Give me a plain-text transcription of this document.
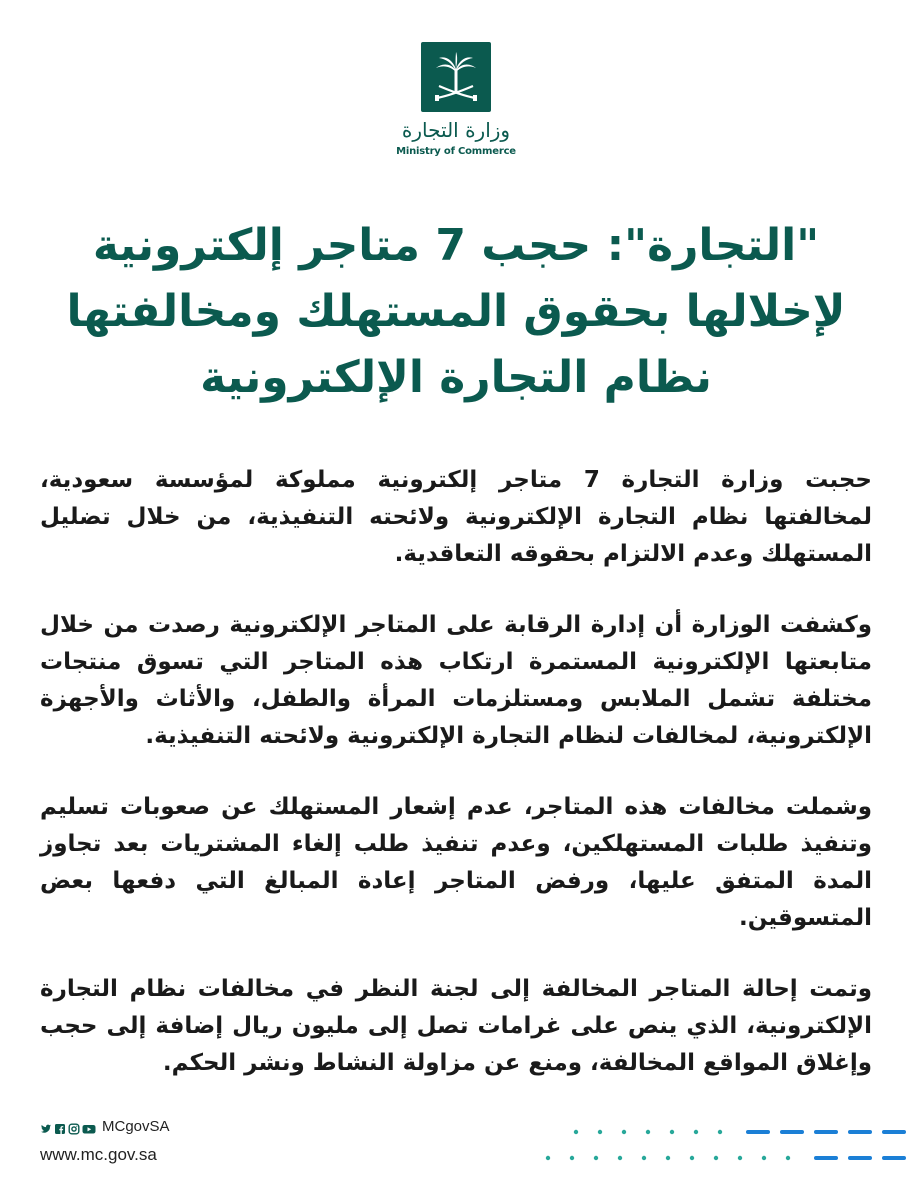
وزارة التجارة
Ministry of Commerce
"التجارة": حجب 7 متاجر إلكترونية لإخلالها بحقوق المستهلك ومخالفتها نظام التجارة الإلكترونية

حجبت وزارة التجارة 7 متاجر إلكترونية مملوكة لمؤسسة سعودية، لمخالفتها نظام التجارة الإلكترونية ولائحته التنفيذية، من خلال تضليل المستهلك وعدم الالتزام بحقوقه التعاقدية.

وكشفت الوزارة أن إدارة الرقابة على المتاجر الإلكترونية رصدت من خلال متابعتها الإلكترونية المستمرة ارتكاب هذه المتاجر التي تسوق منتجات مختلفة تشمل الملابس ومستلزمات المرأة والطفل، والأثاث والأجهزة الإلكترونية، لمخالفات لنظام التجارة الإلكترونية ولائحته التنفيذية.

وشملت مخالفات هذه المتاجر، عدم إشعار المستهلك عن صعوبات تسليم وتنفيذ طلبات المستهلكين، وعدم تنفيذ طلب إلغاء المشتريات بعد تجاوز المدة المتفق عليها، ورفض المتاجر إعادة المبالغ التي دفعها بعض المتسوقين.

وتمت إحالة المتاجر المخالفة إلى لجنة النظر في مخالفات نظام التجارة الإلكترونية، الذي ينص على غرامات تصل إلى مليون ريال إضافة إلى حجب وإغلاق المواقع المخالفة، ومنع عن مزاولة النشاط ونشر الحكم.

MCgovSA
www.mc.gov.sa
